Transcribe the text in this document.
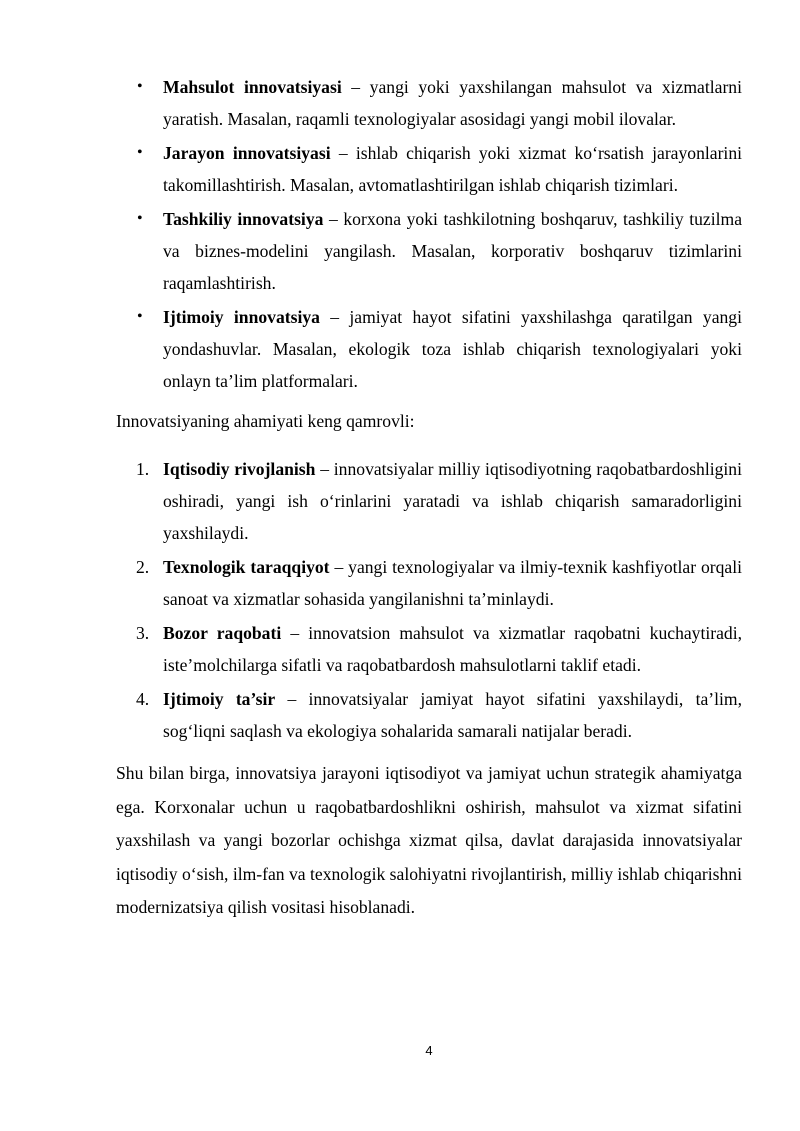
• Mahsulot innovatsiyasi – yangi yoki yaxshilangan mahsulot va xizmatlarni yaratish. Masalan, raqamli texnologiyalar asosidagi yangi mobil ilovalar.
• Jarayon innovatsiyasi – ishlab chiqarish yoki xizmat koʻrsatish jarayonlarini takomillashtirish. Masalan, avtomatlashtirilgan ishlab chiqarish tizimlari.
• Tashkiliy innovatsiya – korxona yoki tashkilotning boshqaruv, tashkiliy tuzilma va biznes-modelini yangilash. Masalan, korporativ boshqaruv tizimlarini raqamlashtirish.
• Ijtimoiy innovatsiya – jamiyat hayot sifatini yaxshilashga qaratilgan yangi yondashuvlar. Masalan, ekologik toza ishlab chiqarish texnologiyalari yoki onlayn ta’lim platformalari.

Innovatsiyaning ahamiyati keng qamrovli:

1. Iqtisodiy rivojlanish – innovatsiyalar milliy iqtisodiyotning raqobatbardoshligini oshiradi, yangi ish oʻrinlarini yaratadi va ishlab chiqarish samaradorligini yaxshilaydi.
2. Texnologik taraqqiyot – yangi texnologiyalar va ilmiy-texnik kashfiyotlar orqali sanoat va xizmatlar sohasida yangilanishni ta’minlaydi.
3. Bozor raqobati – innovatsion mahsulot va xizmatlar raqobatni kuchaytiradi, iste’molchilarga sifatli va raqobatbardosh mahsulotlarni taklif etadi.
4. Ijtimoiy ta’sir – innovatsiyalar jamiyat hayot sifatini yaxshilaydi, ta’lim, sogʻliqni saqlash va ekologiya sohalarida samarali natijalar beradi.

Shu bilan birga, innovatsiya jarayoni iqtisodiyot va jamiyat uchun strategik ahamiyatga ega. Korxonalar uchun u raqobatbardoshlikni oshirish, mahsulot va xizmat sifatini yaxshilash va yangi bozorlar ochishga xizmat qilsa, davlat darajasida innovatsiyalar iqtisodiy oʻsish, ilm-fan va texnologik salohiyatni rivojlantirish, milliy ishlab chiqarishni modernizatsiya qilish vositasi hisoblanadi.

4
